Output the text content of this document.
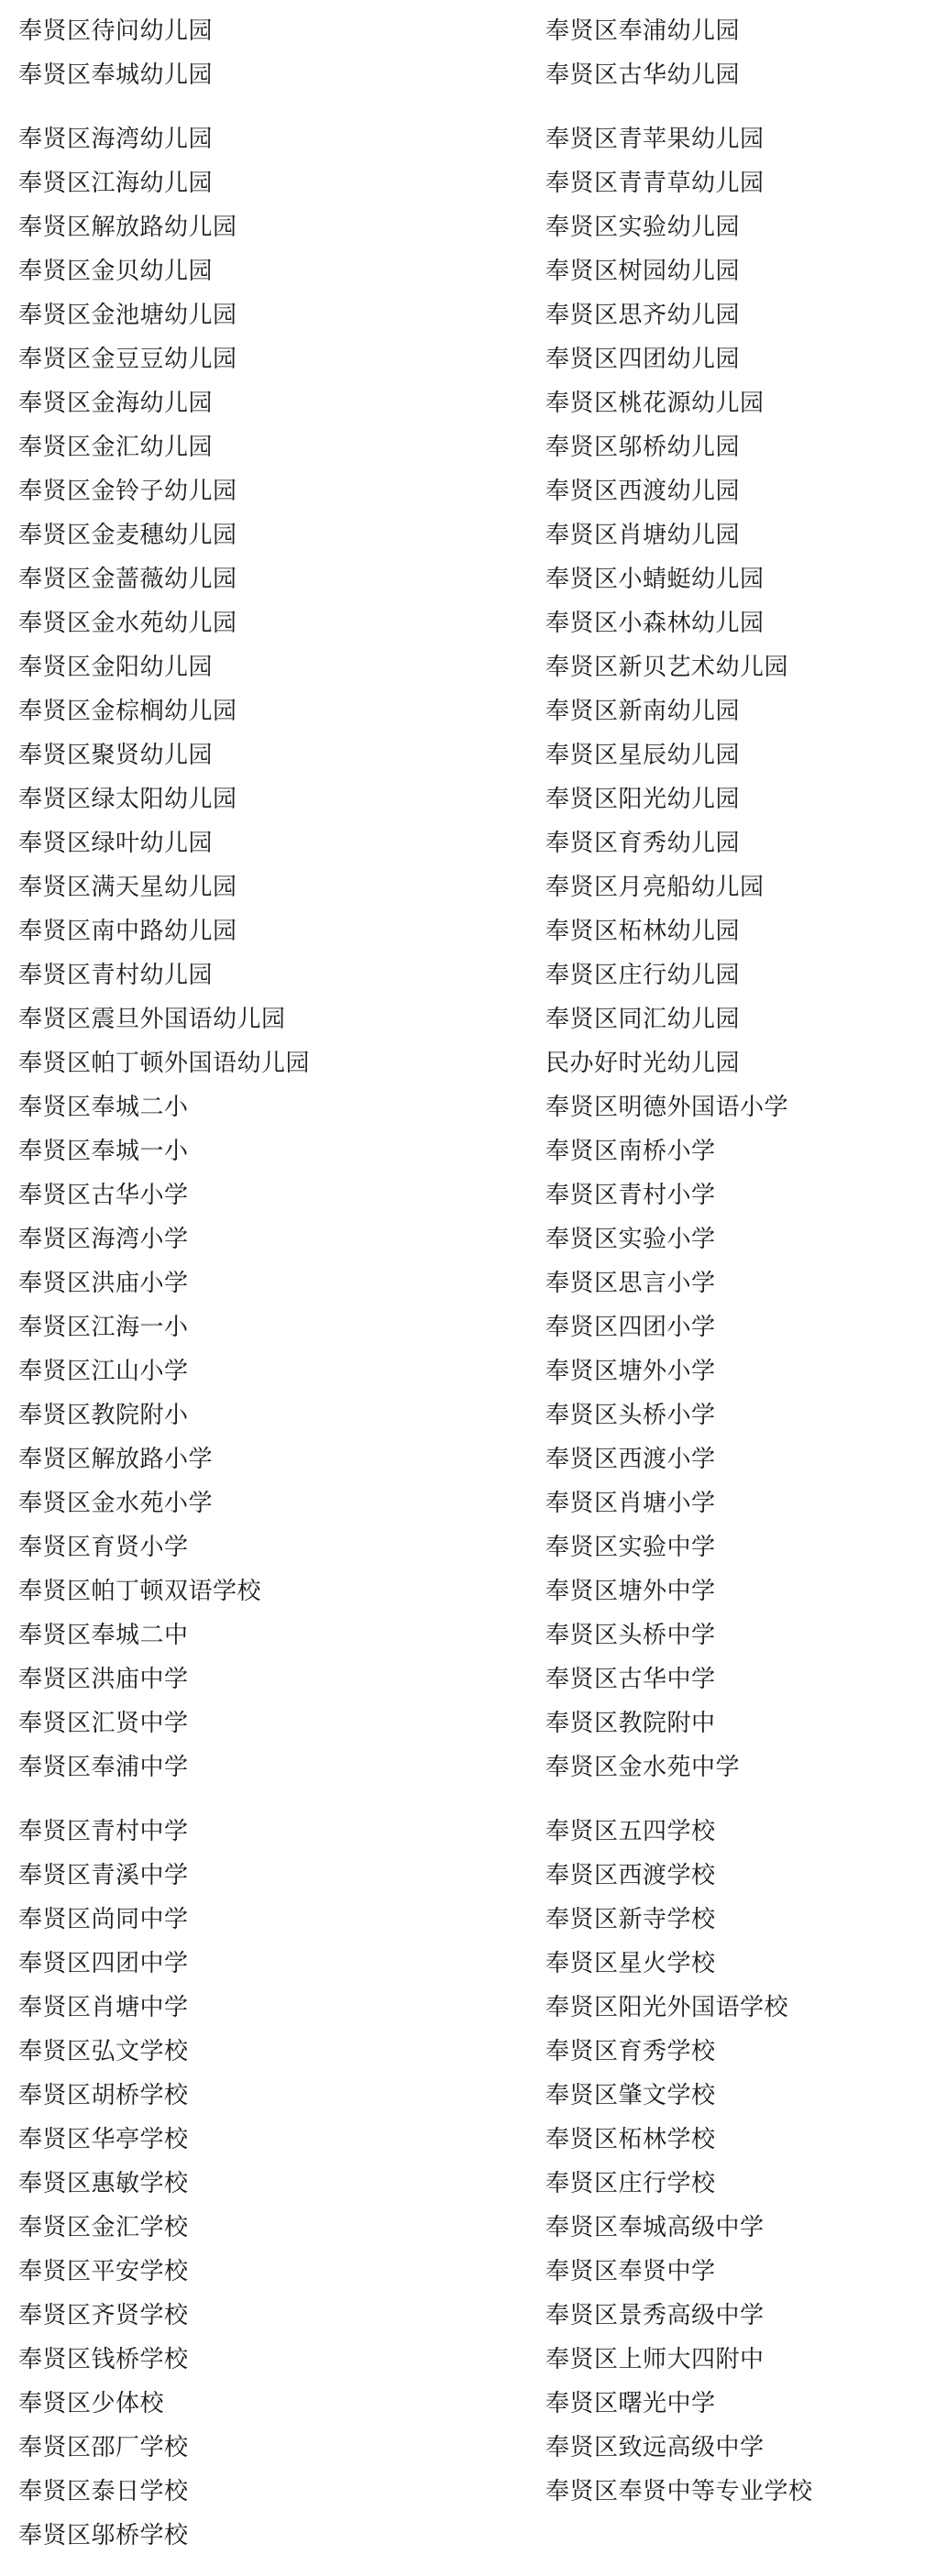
奉贤区待问幼儿园	奉贤区奉浦幼儿园
奉贤区奉城幼儿园	奉贤区古华幼儿园
奉贤区海湾幼儿园	奉贤区青苹果幼儿园
奉贤区江海幼儿园	奉贤区青青草幼儿园
奉贤区解放路幼儿园	奉贤区实验幼儿园
奉贤区金贝幼儿园	奉贤区树园幼儿园
奉贤区金池塘幼儿园	奉贤区思齐幼儿园
奉贤区金豆豆幼儿园	奉贤区四团幼儿园
奉贤区金海幼儿园	奉贤区桃花源幼儿园
奉贤区金汇幼儿园	奉贤区邬桥幼儿园
奉贤区金铃子幼儿园	奉贤区西渡幼儿园
奉贤区金麦穗幼儿园	奉贤区肖塘幼儿园
奉贤区金蔷薇幼儿园	奉贤区小蜻蜓幼儿园
奉贤区金水苑幼儿园	奉贤区小森林幼儿园
奉贤区金阳幼儿园	奉贤区新贝艺术幼儿园
奉贤区金棕榈幼儿园	奉贤区新南幼儿园
奉贤区聚贤幼儿园	奉贤区星辰幼儿园
奉贤区绿太阳幼儿园	奉贤区阳光幼儿园
奉贤区绿叶幼儿园	奉贤区育秀幼儿园
奉贤区满天星幼儿园	奉贤区月亮船幼儿园
奉贤区南中路幼儿园	奉贤区柘林幼儿园
奉贤区青村幼儿园	奉贤区庄行幼儿园
奉贤区震旦外国语幼儿园	奉贤区同汇幼儿园
奉贤区帕丁顿外国语幼儿园	民办好时光幼儿园
奉贤区奉城二小	奉贤区明德外国语小学
奉贤区奉城一小	奉贤区南桥小学
奉贤区古华小学	奉贤区青村小学
奉贤区海湾小学	奉贤区实验小学
奉贤区洪庙小学	奉贤区思言小学
奉贤区江海一小	奉贤区四团小学
奉贤区江山小学	奉贤区塘外小学
奉贤区教院附小	奉贤区头桥小学
奉贤区解放路小学	奉贤区西渡小学
奉贤区金水苑小学	奉贤区肖塘小学
奉贤区育贤小学	奉贤区实验中学
奉贤区帕丁顿双语学校	奉贤区塘外中学
奉贤区奉城二中	奉贤区头桥中学
奉贤区洪庙中学	奉贤区古华中学
奉贤区汇贤中学	奉贤区教院附中
奉贤区奉浦中学	奉贤区金水苑中学
奉贤区青村中学	奉贤区五四学校
奉贤区青溪中学	奉贤区西渡学校
奉贤区尚同中学	奉贤区新寺学校
奉贤区四团中学	奉贤区星火学校
奉贤区肖塘中学	奉贤区阳光外国语学校
奉贤区弘文学校	奉贤区育秀学校
奉贤区胡桥学校	奉贤区肇文学校
奉贤区华亭学校	奉贤区柘林学校
奉贤区惠敏学校	奉贤区庄行学校
奉贤区金汇学校	奉贤区奉城高级中学
奉贤区平安学校	奉贤区奉贤中学
奉贤区齐贤学校	奉贤区景秀高级中学
奉贤区钱桥学校	奉贤区上师大四附中
奉贤区少体校	奉贤区曙光中学
奉贤区邵厂学校	奉贤区致远高级中学
奉贤区泰日学校	奉贤区奉贤中等专业学校
奉贤区邬桥学校
